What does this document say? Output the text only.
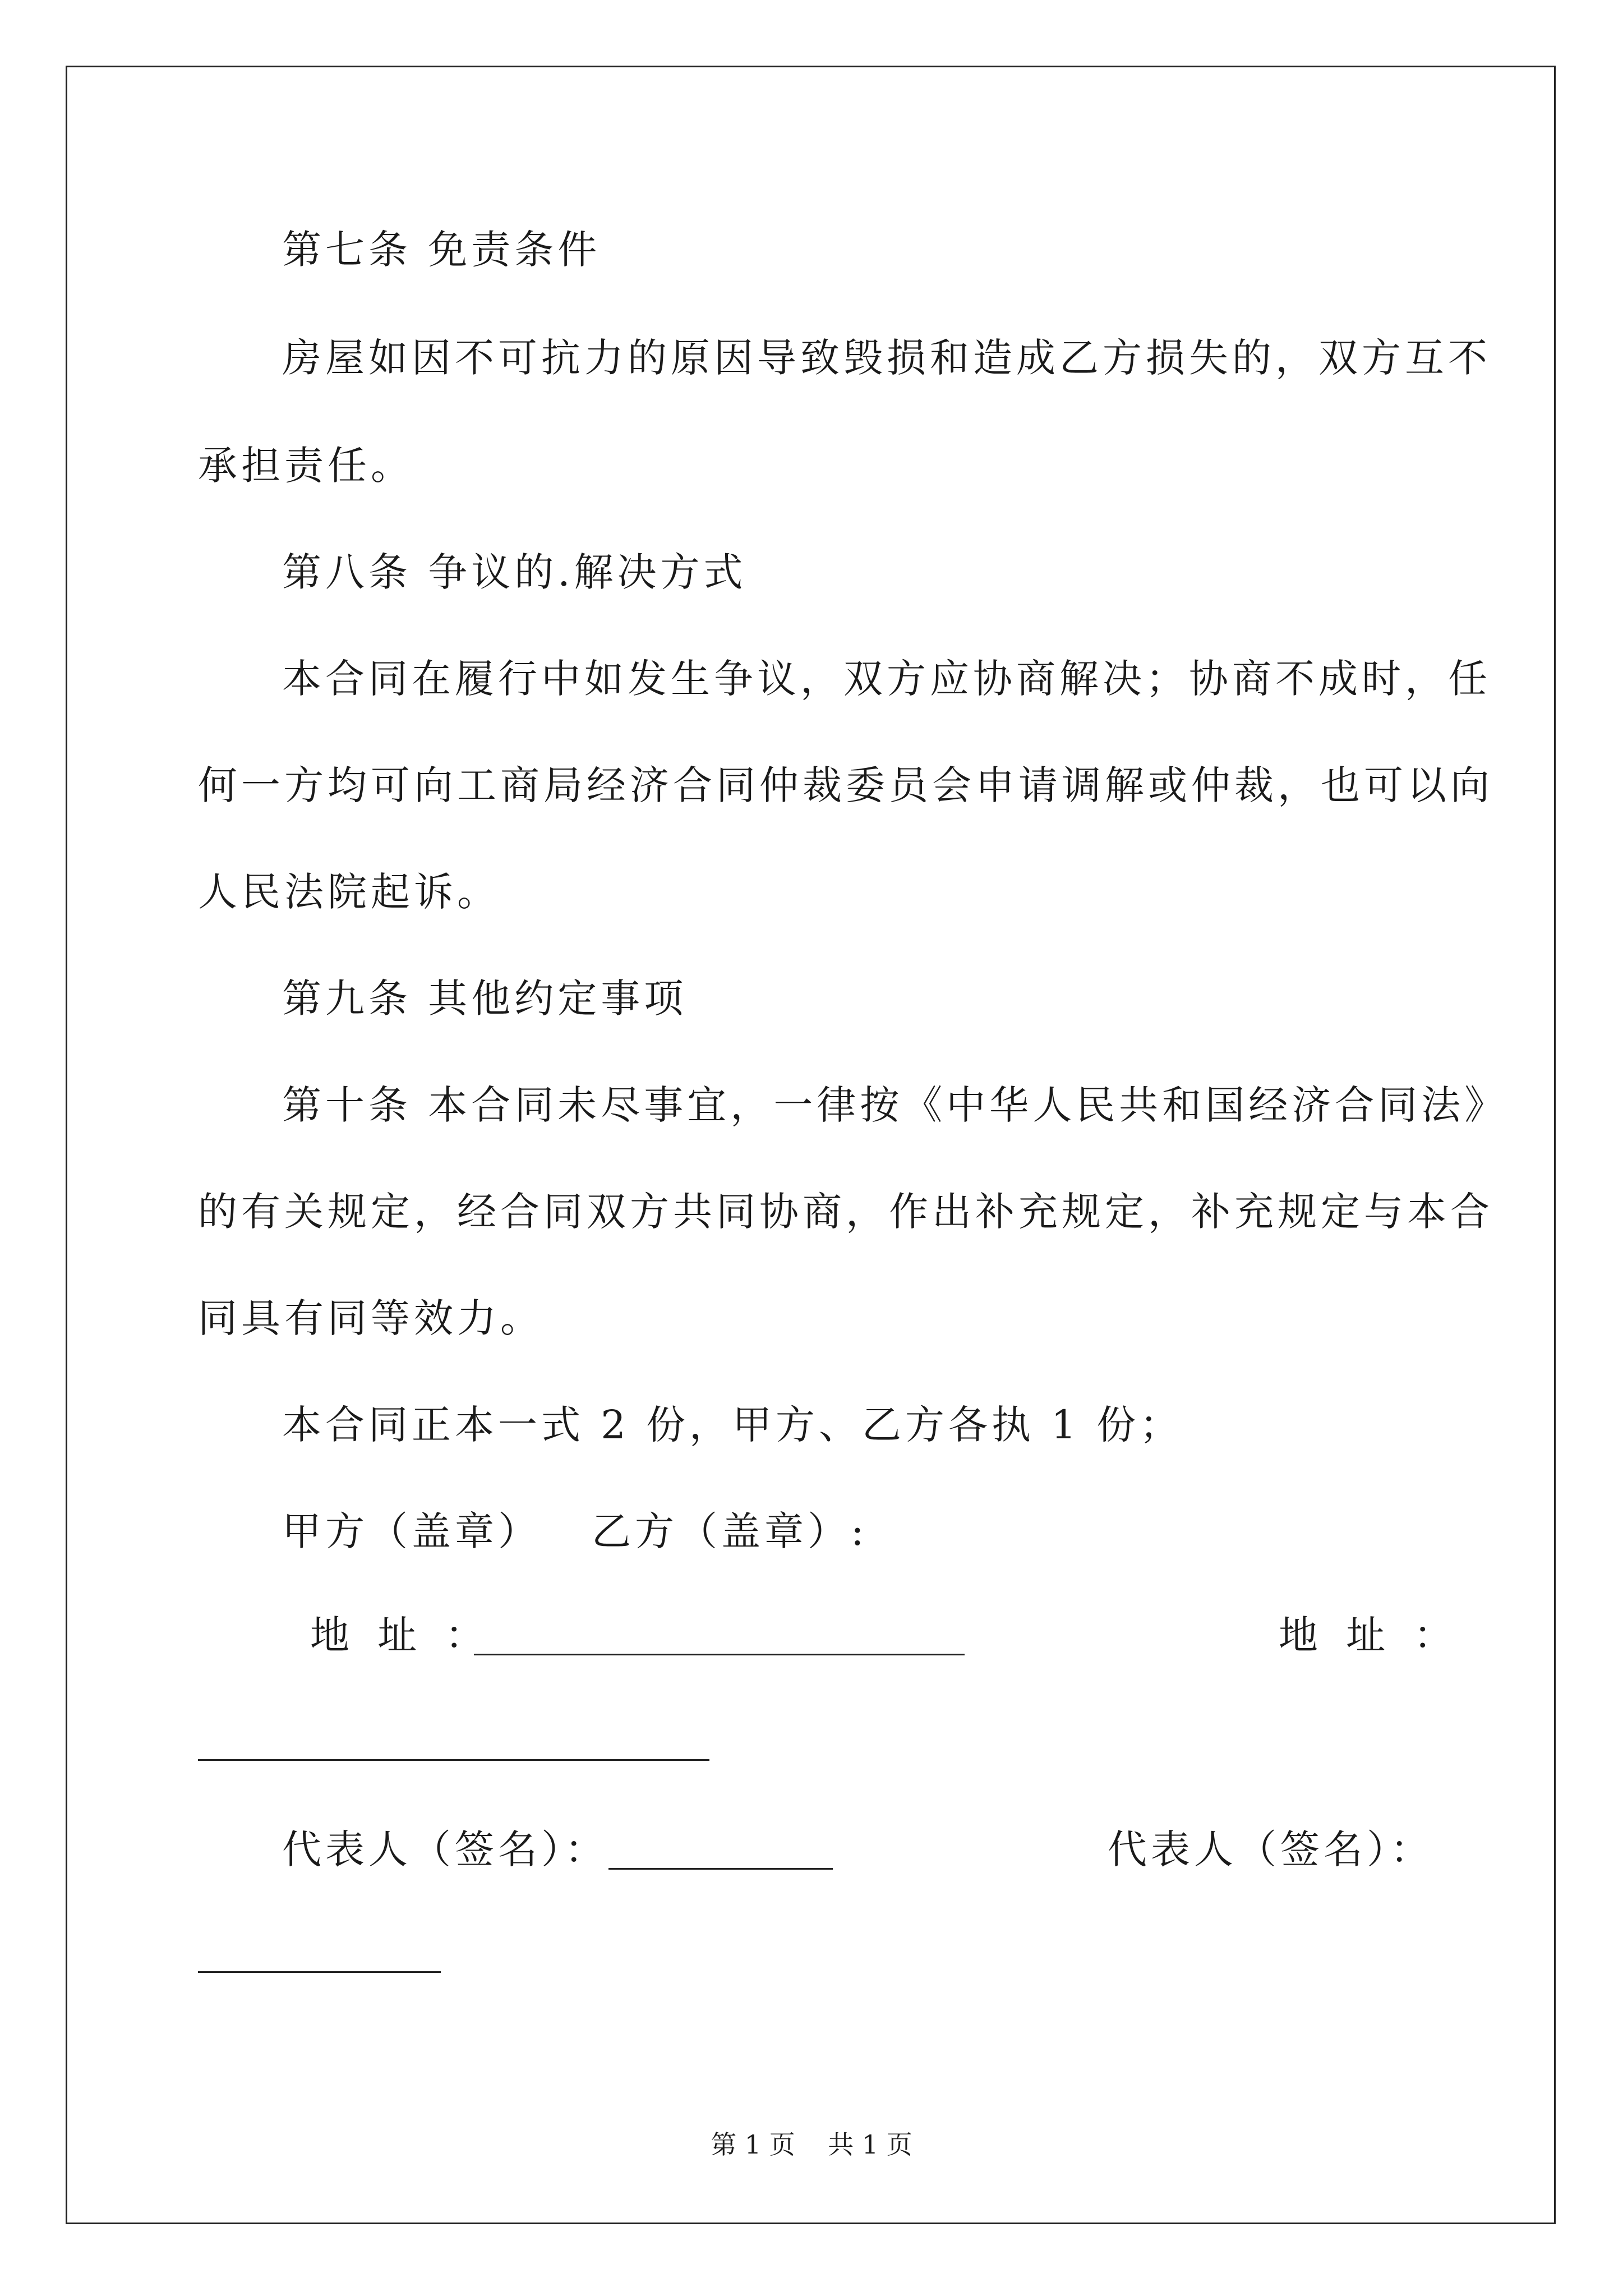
第七条 免责条件
房屋如因不可抗力的原因导致毁损和造成乙方损失的，双方互不
承担责任。
第八条 争议的.解决方式
本合同在履行中如发生争议，双方应协商解决；协商不成时，任
何一方均可向工商局经济合同仲裁委员会申请调解或仲裁，也可以向
人民法院起诉。
第九条 其他约定事项
第十条 本合同未尽事宜，一律按《中华人民共和国经济合同法》
的有关规定，经合同双方共同协商，作出补充规定，补充规定与本合
同具有同等效力。
本合同正本一式 2 份，甲方、乙方各执 1 份；
甲方（盖章） 乙方（盖章）:
地 址 ：	地 址 ：
代表人（签名）：	代表人（签名）：
第 1 页    共 1 页
